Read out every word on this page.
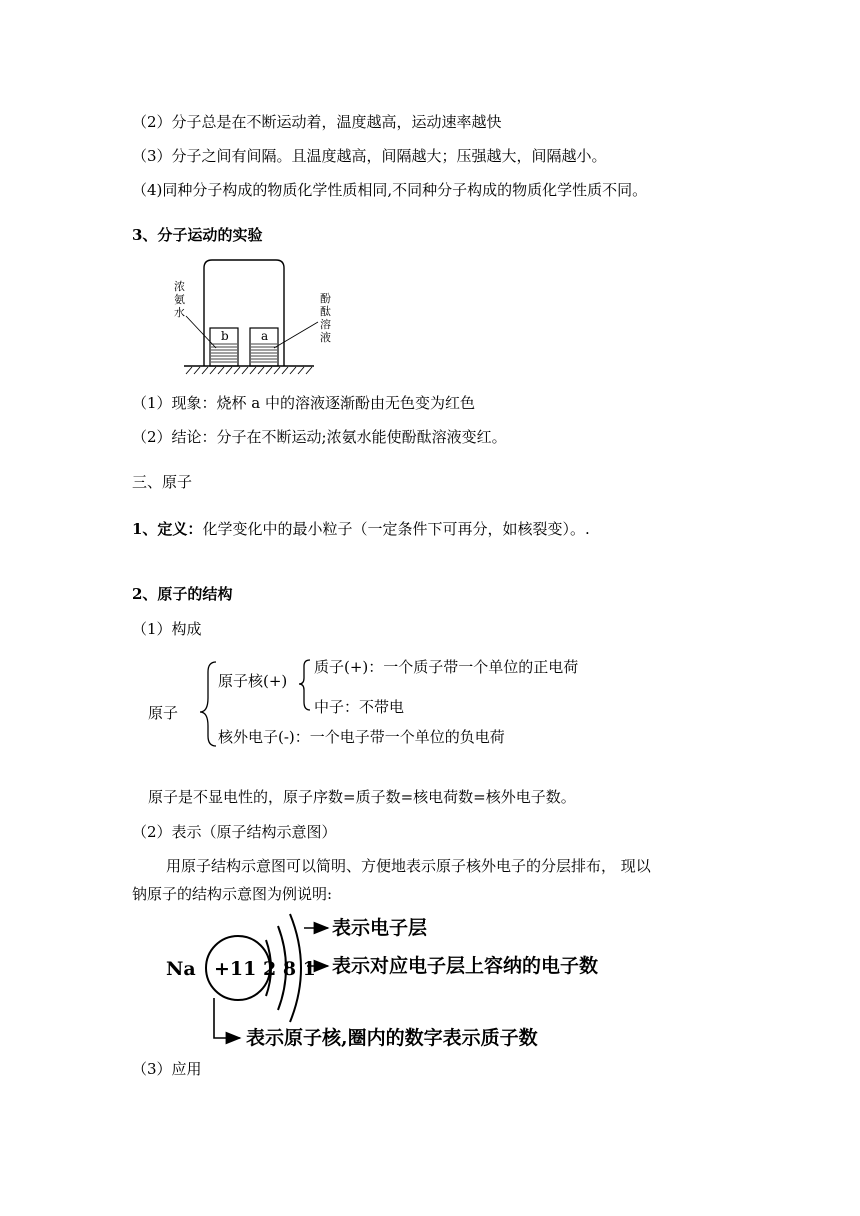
（2）分子总是在不断运动着，温度越高，运动速率越快
（3）分子之间有间隔。且温度越高，间隔越大；压强越大，间隔越小。
（4)同种分子构成的物质化学性质相同,不同种分子构成的物质化学性质不同。
3、分子运动的实验
b	a
浓
氨
水
酚
酞
溶
液
（1）现象：烧杯 a 中的溶液逐渐酚由无色变为红色
（2）结论：分子在不断运动;浓氨水能使酚酞溶液变红。
三、原子
1、定义：化学变化中的最小粒子（一定条件下可再分，如核裂变）。.
2、原子的结构
（1）构成
原子
原子核(+)
质子(+)：一个质子带一个单位的正电荷
中子：不带电
核外电子(-)：一个电子带一个单位的负电荷
原子是不显电性的，原子序数=质子数=核电荷数=核外电子数。
（2）表示（原子结构示意图）
用原子结构示意图可以简明、方便地表示原子核外电子的分层排布， 现以
钠原子的结构示意图为例说明:
Na +11 2 8 1
表示电子层
表示对应电子层上容纳的电子数
表示原子核,圈内的数字表示质子数
（3）应用
